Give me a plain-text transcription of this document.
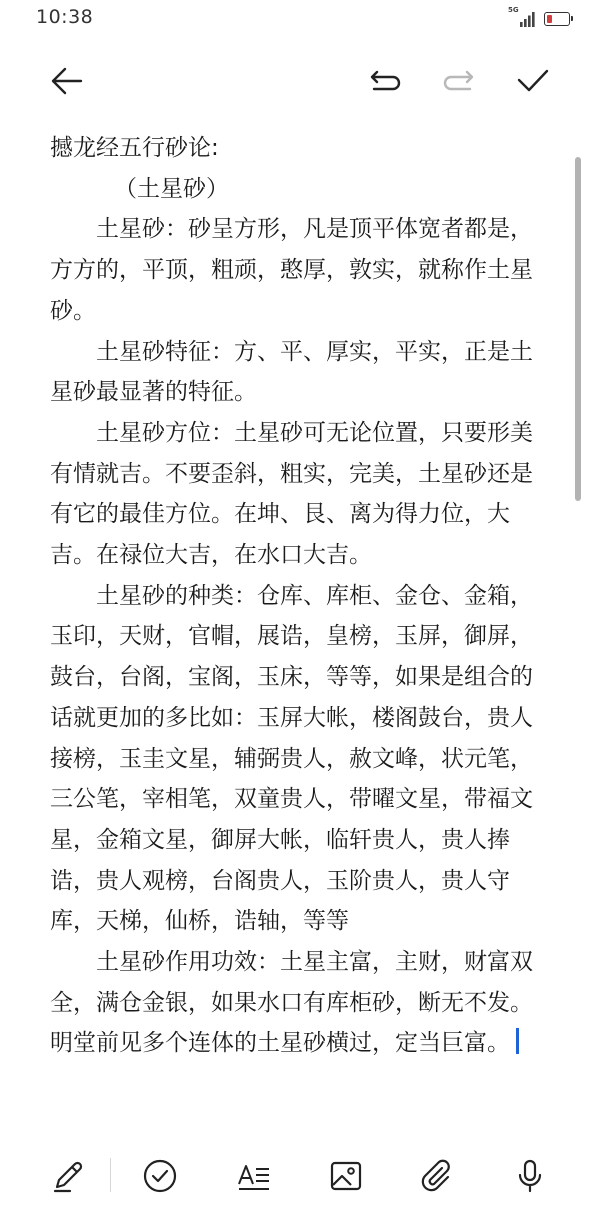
10:38	5G

撼龙经五行砂论:

（土星砂）

土星砂：砂呈方形，凡是顶平体宽者都是，方方的，平顶，粗顽，憨厚，敦实，就称作土星砂。

土星砂特征：方、平、厚实，平实，正是土星砂最显著的特征。

土星砂方位：土星砂可无论位置，只要形美有情就吉。不要歪斜，粗实，完美，土星砂还是有它的最佳方位。在坤、艮、离为得力位，大吉。在禄位大吉，在水口大吉。

土星砂的种类：仓库、库柜、金仓、金箱，玉印，天财，官帽，展诰，皇榜，玉屏，御屏，鼓台，台阁，宝阁，玉床，等等，如果是组合的话就更加的多比如：玉屏大帐，楼阁鼓台，贵人接榜，玉圭文星，辅弼贵人，赦文峰，状元笔，三公笔，宰相笔，双童贵人，带曜文星，带福文星，金箱文星，御屏大帐，临轩贵人，贵人捧诰，贵人观榜，台阁贵人，玉阶贵人，贵人守库，天梯，仙桥，诰轴，等等

土星砂作用功效：土星主富，主财，财富双全，满仓金银，如果水口有库柜砂，断无不发。明堂前见多个连体的土星砂横过，定当巨富。
